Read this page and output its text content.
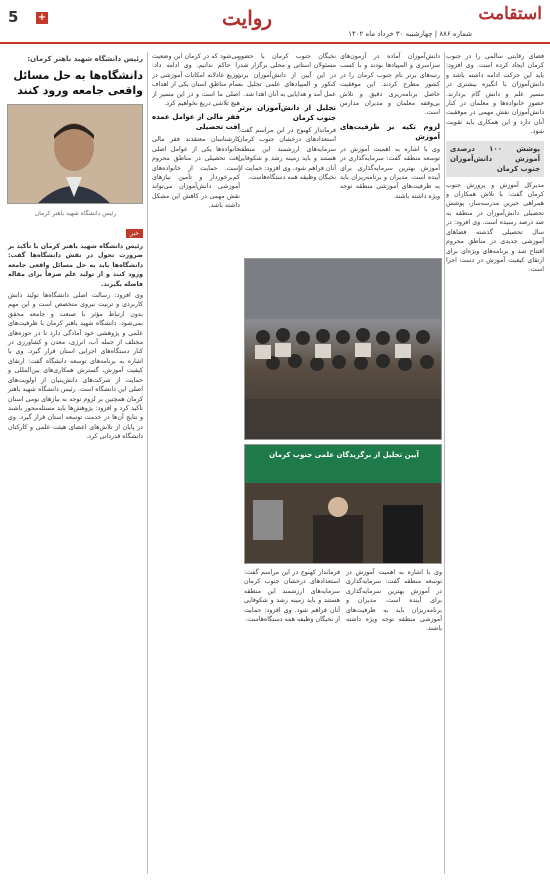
استقامت
شماره ۸۸۶ | چهارشنبه ۳۰ خرداد ماه ۱۴۰۲
روایت
5 +

فضای رقابتی سالمی را در جنوب کرمان ایجاد کرده است. وی افزود: باید این حرکت ادامه داشته باشد و دانش‌آموزان با انگیزه بیشتری در مسیر علم و دانش گام بردارند. حضور خانواده‌ها و معلمان در کنار دانش‌آموزان نقش مهمی در موفقیت آنان دارد و این همکاری باید تقویت شود.

پوشش ۱۰۰ درصدی آموزش دانش‌آموزان جنوب کرمان

مدیرکل آموزش و پرورش جنوب کرمان گفت: با تلاش همکاران و همراهی خیرین مدرسه‌ساز، پوشش تحصیلی دانش‌آموزان در منطقه به صد درصد رسیده است. وی افزود: در سال تحصیلی گذشته فضاهای آموزشی جدیدی در مناطق محروم افتتاح شد و برنامه‌های ویژه‌ای برای ارتقای کیفیت آموزش در دست اجرا است.

دانش‌آموزان آماده در آزمون‌های سراسری و المپیادها بودند و با کسب رتبه‌های برتر نام جنوب کرمان را در کشور مطرح کردند. این موفقیت حاصل برنامه‌ریزی دقیق و تلاش بی‌وقفه معلمان و مدیران مدارس است.

لزوم تکیه بر ظرفیت‌های آموزش

وی با اشاره به اهمیت آموزش در توسعه منطقه گفت: سرمایه‌گذاری در آموزش بهترین سرمایه‌گذاری برای آینده است. مدیران و برنامه‌ریزان باید به ظرفیت‌های آموزشی منطقه توجه ویژه داشته باشند.

نخبگان جنوب کرمان با حضور مسئولان استانی و محلی برگزار شد. در این آیین از دانش‌آموزان برتر کنکور و المپیادهای علمی تجلیل به عمل آمد و هدایایی به آنان اهدا شد.

تجلیل از دانش‌آموزان برتر جنوب کرمان

فرماندار کهنوج در این مراسم گفت: استعدادهای درخشان جنوب کرمان سرمایه‌های ارزشمند این منطقه هستند و باید زمینه رشد و شکوفایی آنان فراهم شود. وی افزود: حمایت از نخبگان وظیفه همه دستگاه‌هاست.

می‌شود که در کرمان این وضعیت را حاکم ندانیم. وی ادامه داد: توزیع عادلانه امکانات آموزشی در تمام مناطق استان یکی از اهداف اصلی ما است و در این مسیر از هیچ تلاشی دریغ نخواهیم کرد.

فقر مالی از عوامل عمده افت تحصیلی

کارشناسان معتقدند فقر مالی خانواده‌ها یکی از عوامل اصلی افت تحصیلی در مناطق محروم است. حمایت از خانواده‌های کم‌برخوردار و تأمین نیازهای آموزشی دانش‌آموزان می‌تواند نقش مهمی در کاهش این مشکل داشته باشد.

آیین تجلیل از برگزیدگان علمی جنوب کرمان

فرماندار کهنوج در این مراسم گفت: استعدادهای درخشان جنوب کرمان سرمایه‌های ارزشمند این منطقه هستند و باید زمینه رشد و شکوفایی آنان فراهم شود. وی افزود: حمایت از نخبگان وظیفه همه دستگاه‌هاست.

وی با اشاره به اهمیت آموزش در توسعه منطقه گفت: سرمایه‌گذاری در آموزش بهترین سرمایه‌گذاری برای آینده است. مدیران و برنامه‌ریزان باید به ظرفیت‌های آموزشی منطقه توجه ویژه داشته باشند.

رئیس دانشگاه شهید باهنر کرمان:
دانشگاه‌ها به حل مسائل واقعی جامعه ورود کنند
رئیس دانشگاه شهید باهنر کرمان
خبر

رئیس دانشگاه شهید باهنر کرمان با تأکید بر ضرورت تحول در نقش دانشگاه‌ها گفت: دانشگاه‌ها باید به حل مسائل واقعی جامعه ورود کنند و از تولید علم صرفاً برای مقاله فاصله بگیرند.

وی افزود: رسالت اصلی دانشگاه‌ها تولید دانش کاربردی و تربیت نیروی متخصص است و این مهم بدون ارتباط مؤثر با صنعت و جامعه محقق نمی‌شود. دانشگاه شهید باهنر کرمان با ظرفیت‌های علمی و پژوهشی خود آمادگی دارد تا در حوزه‌های مختلف از جمله آب، انرژی، معدن و کشاورزی در کنار دستگاه‌های اجرایی استان قرار گیرد. وی با اشاره به برنامه‌های توسعه دانشگاه گفت: ارتقای کیفیت آموزش، گسترش همکاری‌های بین‌المللی و حمایت از شرکت‌های دانش‌بنیان از اولویت‌های اصلی این دانشگاه است. رئیس دانشگاه شهید باهنر کرمان همچنین بر لزوم توجه به نیازهای بومی استان تأکید کرد و افزود: پژوهش‌ها باید مسئله‌محور باشند و نتایج آن‌ها در خدمت توسعه استان قرار گیرد. وی در پایان از تلاش‌های اعضای هیئت علمی و کارکنان دانشگاه قدردانی کرد.
